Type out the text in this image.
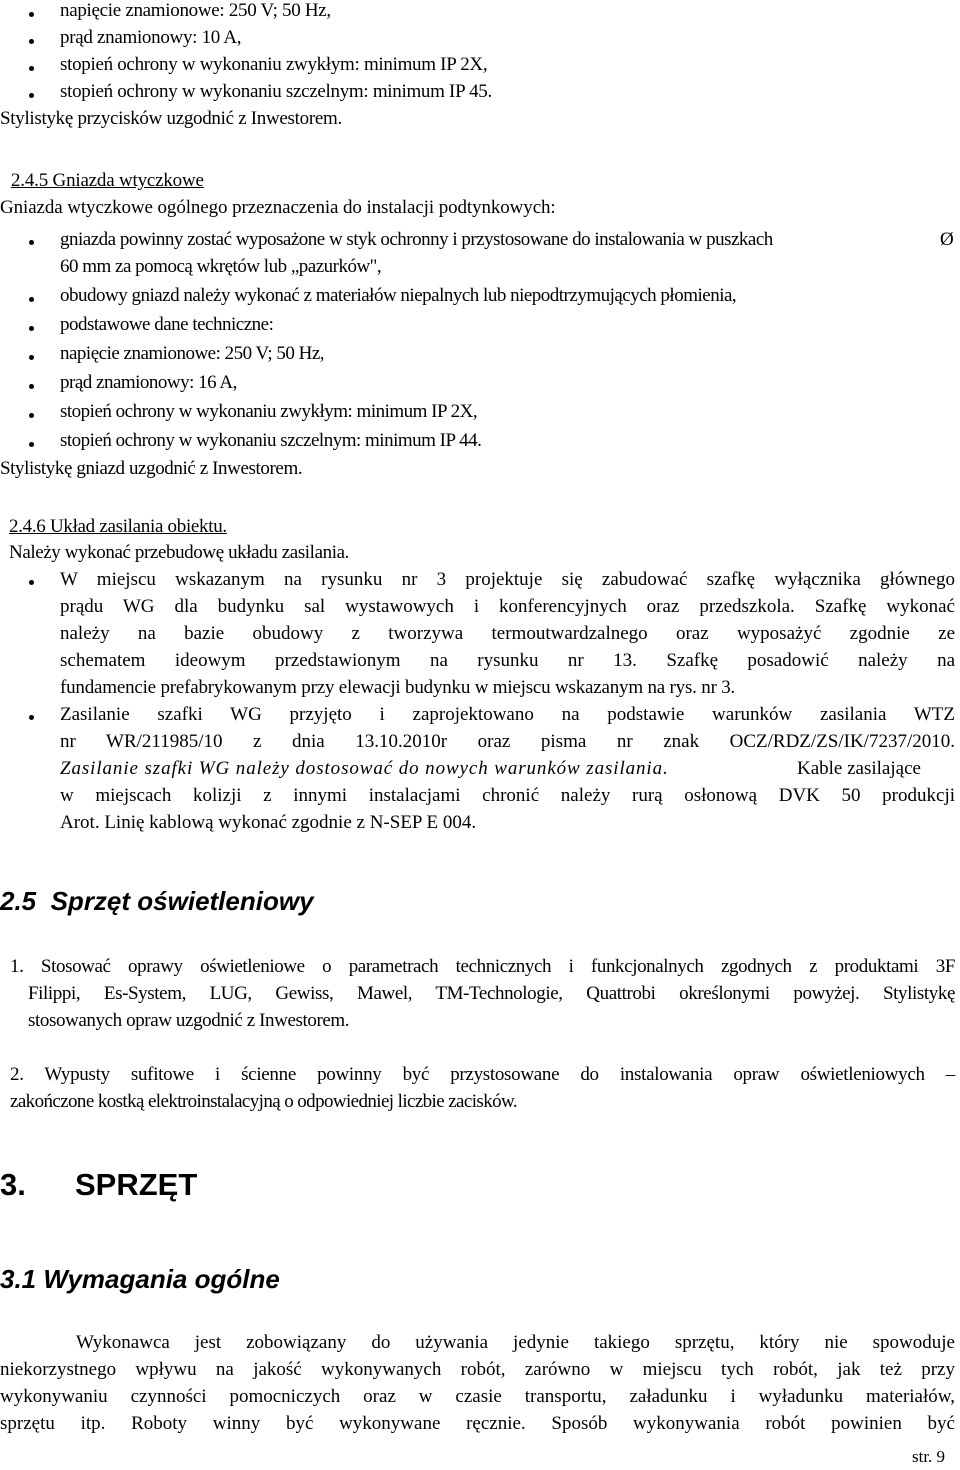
napięcie znamionowe: 250 V; 50 Hz,
prąd znamionowy: 10 A,
stopień ochrony w wykonaniu zwykłym: minimum IP 2X,
stopień ochrony w wykonaniu szczelnym: minimum IP 45.
Stylistykę przycisków uzgodnić z Inwestorem.
2.4.5 Gniazda wtyczkowe
Gniazda wtyczkowe ogólnego przeznaczenia do instalacji podtynkowych:
gniazda powinny zostać wyposażone w styk ochronny i przystosowane do instalowania w puszkach	Ø
60 mm za pomocą wkrętów lub „pazurków",
obudowy gniazd należy wykonać z materiałów niepalnych lub niepodtrzymujących płomienia,
podstawowe dane techniczne:
napięcie znamionowe: 250 V; 50 Hz,
prąd znamionowy: 16 A,
stopień ochrony w wykonaniu zwykłym: minimum IP 2X,
stopień ochrony w wykonaniu szczelnym: minimum IP 44.
Stylistykę gniazd uzgodnić z Inwestorem.
2.4.6 Układ zasilania obiektu.
Należy wykonać przebudowę układu zasilania.
W miejscu wskazanym na rysunku nr 3 projektuje się zabudować szafkę wyłącznika głównego
prądu WG dla budynku sal wystawowych i konferencyjnych oraz przedszkola. Szafkę wykonać
należy na bazie obudowy z tworzywa termoutwardzalnego oraz wyposażyć zgodnie ze
schematem ideowym przedstawionym na rysunku nr 13. Szafkę posadowić należy na
fundamencie prefabrykowanym przy elewacji budynku w miejscu wskazanym na rys. nr 3.
Zasilanie szafki WG przyjęto i zaprojektowano na podstawie warunków zasilania WTZ
nr WR/211985/10 z dnia 13.10.2010r oraz pisma nr znak OCZ/RDZ/ZS/IK/7237/2010.
Zasilanie szafki WG należy dostosować do nowych warunków zasilania.	Kable zasilające
w miejscach kolizji z innymi instalacjami chronić należy rurą osłonową DVK 50 produkcji
Arot. Linię kablową wykonać zgodnie z N-SEP E 004.
2.5  Sprzęt oświetleniowy
1. Stosować oprawy oświetleniowe o parametrach technicznych i funkcjonalnych zgodnych z produktami 3F
Filippi, Es-System, LUG, Gewiss, Mawel, TM-Technologie, Quattrobi określonymi powyżej. Stylistykę
stosowanych opraw uzgodnić z Inwestorem.
2. Wypusty sufitowe i ścienne powinny być przystosowane do instalowania opraw oświetleniowych –
zakończone kostką elektroinstalacyjną o odpowiedniej liczbie zacisków.
3. SPRZĘT
3.1 Wymagania ogólne
Wykonawca jest zobowiązany do używania jedynie takiego sprzętu, który nie spowoduje
niekorzystnego wpływu na jakość wykonywanych robót, zarówno w miejscu tych robót, jak też przy
wykonywaniu czynności pomocniczych oraz w czasie transportu, załadunku i wyładunku materiałów,
sprzętu itp. Roboty winny być wykonywane ręcznie. Sposób wykonywania robót powinien być
str. 9
